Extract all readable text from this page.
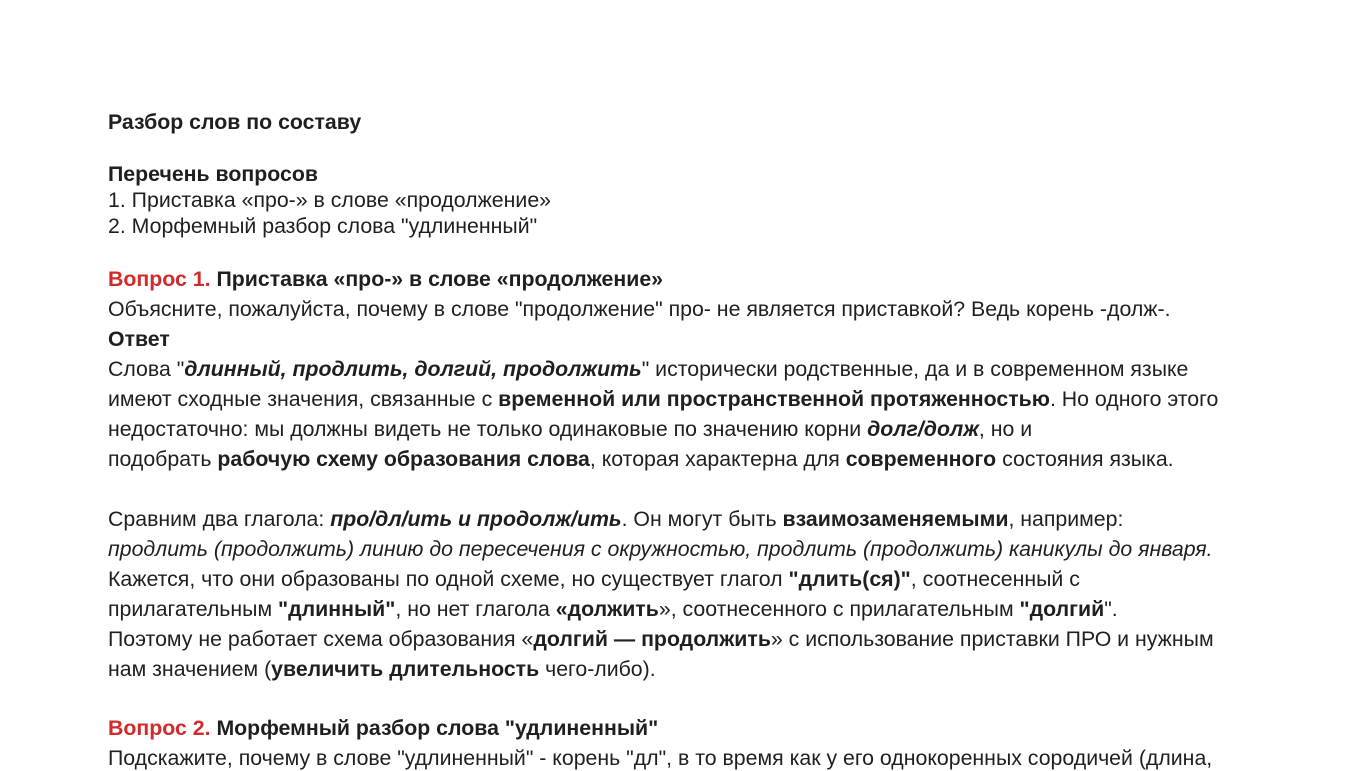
Разбор слов по составу
Перечень вопросов
1. Приставка «про-» в слове «продолжение»
2. Морфемный разбор слова "удлиненный"
Вопрос 1. Приставка «про-» в слове «продолжение»
Объясните, пожалуйста, почему в слове "продолжение" про- не является приставкой? Ведь корень -долж-.
Ответ
Слова "длинный, продлить, долгий, продолжить" исторически родственные, да и в современном языке
имеют сходные значения, связанные с временной или пространственной протяженностью. Но одного этого
недостаточно: мы должны видеть не только одинаковые по значению корни долг/долж, но и
подобрать рабочую схему образования слова, которая характерна для современного состояния языка.
Сравним два глагола: про/дл/ить и продолж/ить. Он могут быть взаимозаменяемыми, например:
продлить (продолжить) линию до пересечения с окружностью, продлить (продолжить) каникулы до января.
Кажется, что они образованы по одной схеме, но существует глагол "длить(ся)", соотнесенный с
прилагательным "длинный", но нет глагола «должить», соотнесенного с прилагательным "долгий".
Поэтому не работает схема образования «долгий — продолжить» с использование приставки ПРО и нужным
нам значением (увеличить длительность чего-либо).
Вопрос 2. Морфемный разбор слова "удлиненный"
Подскажите, почему в слове "удлиненный" - корень "дл", в то время как у его однокоренных сородичей (длина,
